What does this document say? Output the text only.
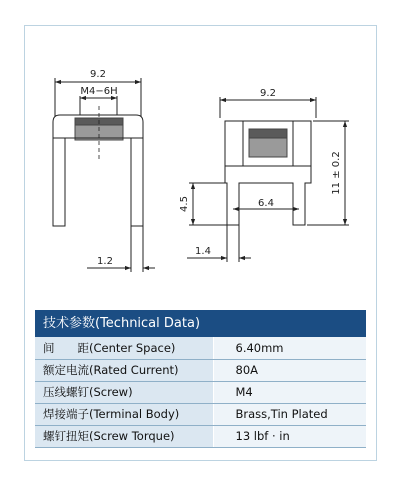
9.2
M4−6H
1.2
9.2
11 ± 0.2
4.5	6.4
1.4
技术参数(Technical Data)
间　　距(Center Space)	6.40mm
额定电流(Rated Current)	80A
压线螺钉(Screw)	M4
焊接端子(Terminal Body)	Brass,Tin Plated
螺钉扭矩(Screw Torque)	13 lbf · in
